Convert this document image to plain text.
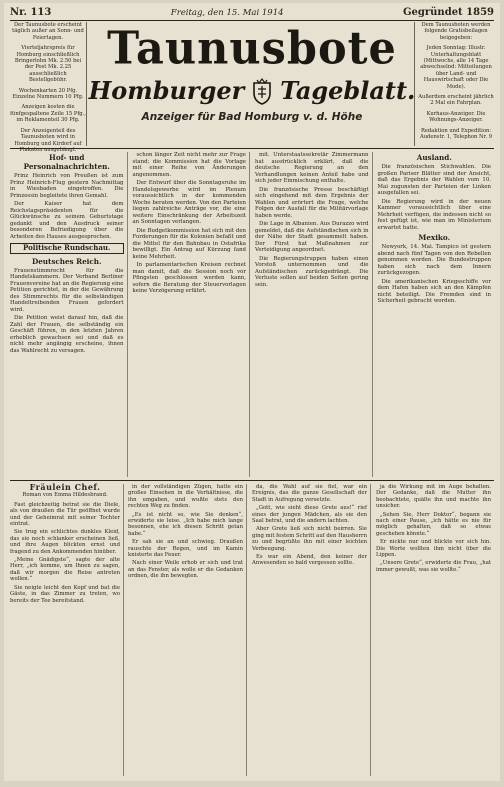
Nr. 113	Freitag, den 15. Mai 1914	Gegründet 1859

Der Taunusbote erscheint täglich außer an Sonn- und Feiertagen.

Vierteljahrspreis für Homburg einschließlich Bringerlohn Mk. 2.50 bei der Post Mk. 2.25 ausschließlich Bestellgebühr.

Wochenkarten 20 Pfg. Einzelne Nummern 10 Pfg.

Anzeigen kosten die fünfgespaltene Zeile 15 Pfg., im Reklamenteil 30 Pfg.

Der Anzeigenteil des Taunusboten wird in Homburg und Kirdorf auf Plakaten ausgehängt.

Taunusbote
Homburger Tageblatt.
Anzeiger für Bad Homburg v. d. Höhe

Dem Taunusboten werden folgende Gratisbeilagen beigegeben:

Jeden Sonntag: Illustr. Unterhaltungsblatt (Mittwochs, alle 14 Tage abwechselnd: Mitteilungen über Land- und Hauswirtschaft oder Die Mode).

Außerdem erscheint jährlich 2 Mal ein Fahrplan.

Kurhaus-Anzeiger. Die Wohnungs-Anzeiger.

Redaktion und Expedition: Audenstr. 1, Telephon Nr. 9

Hof- und Personalnachrichten.

Prinz Heinrich von Preußen ist zum Prinz Heinrich-Flug gestern Nachmittag in Wiesbaden eingetroffen. Die Prinzessin begleitete ihren Gemahl.

Der Kaiser hat dem Reichstagspräsidenten für die Glückwünsche zu seinem Geburtstage gedankt und den Ausdruck seiner besonderen Befriedigung über die Arbeiten des Hauses ausgesprochen.

Politische Rundschau.
Deutsches Reich.

Frauenstimmrecht für die Handelskammern. Der Verband Berliner Frauenvereine hat an die Regierung eine Petition gerichtet, in der die Gewährung des Stimmrechts für die selbständigen Handeltreibenden Frauen gefordert wird.

Die Petition weist darauf hin, daß die Zahl der Frauen, die selbständig ein Geschäft führen, in den letzten Jahren erheblich gewachsen sei und daß es nicht mehr angängig erscheine, ihnen das Wahlrecht zu versagen.

schon länger Zeit nicht mehr zur Frage stand; die Kommission hat die Vorlage mit einer Reihe von Änderungen angenommen.

Der Entwurf über die Sonntagsruhe im Handelsgewerbe wird im Plenum voraussichtlich in der kommenden Woche beraten werden. Von den Parteien liegen zahlreiche Anträge vor, die eine weitere Einschränkung der Arbeitszeit an Sonntagen verlangen.

Die Budgetkommission hat sich mit den Forderungen für die Kolonien befaßt und die Mittel für den Bahnbau in Ostafrika bewilligt. Ein Antrag auf Kürzung fand keine Mehrheit.

In parlamentarischen Kreisen rechnet man damit, daß die Session noch vor Pfingsten geschlossen werden kann, sofern die Beratung der Steuervorlagen keine Verzögerung erfährt.

mit. Unterstaatssekretär Zimmermann hat ausdrücklich erklärt, daß die deutsche Regierung an den Verhandlungen keinen Anteil habe und sich jeder Einmischung enthalte.

Die französische Presse beschäftigt sich eingehend mit dem Ergebnis der Wahlen und erörtert die Frage, welche Folgen der Ausfall für die Militärvorlage haben werde.

Die Lage in Albanien. Aus Durazzo wird gemeldet, daß die Aufständischen sich in der Nähe der Stadt gesammelt haben. Der Fürst hat Maßnahmen zur Verteidigung angeordnet.

Die Regierungstruppen haben einen Vorstoß unternommen und die Aufständischen zurückgedrängt. Die Verluste sollen auf beiden Seiten gering sein.

Ausland.

Die französischen Stichwahlen. Die großen Pariser Blätter sind der Ansicht, daß das Ergebnis der Wahlen vom 10. Mai zugunsten der Parteien der Linken ausgefallen sei.

Die Regierung wird in der neuen Kammer voraussichtlich über eine Mehrheit verfügen, die indessen nicht so fest gefügt ist, wie man im Ministerium erwartet hatte.

Mexiko.

Newyork, 14. Mai. Tampico ist gestern abend nach fünf Tagen von den Rebellen genommen worden. Die Bundestruppen haben sich nach dem Innern zurückgezogen.

Die amerikanischen Kriegsschiffe vor dem Hafen haben sich an den Kämpfen nicht beteiligt. Die Fremden sind in Sicherheit gebracht worden.

Fräulein Chef.
Roman von Emma Hildesbrand.

Fast gleichzeitig betrat sie die Diele, als von draußen die Tür geöffnet wurde und der Geheimrat mit seiner Tochter eintrat.

Sie trug ein schlichtes dunkles Kleid, das sie noch schlanker erscheinen ließ, und ihre Augen blickten ernst und fragend zu den Ankommenden hinüber.

„Meine Gnädigste“, sagte der alte Herr, „ich komme, um Ihnen zu sagen, daß wir morgen die Reise antreten wollen.“

Sie neigte leicht den Kopf und bat die Gäste, in das Zimmer zu treten, wo bereits der Tee bereitstand.

in der vollständigen Zügen, hatte ein großes Einsehen in die Verhältnisse, die ihn umgaben, und wußte stets den rechten Weg zu finden.

„Es ist nicht so, wie Sie denken“, erwiderte sie leise. „Ich habe mich lange besonnen, ehe ich diesen Schritt getan habe.“

Er sah sie an und schwieg. Draußen rauschte der Regen, und im Kamin knisterte das Feuer.

Nach einer Weile erhob er sich und trat an das Fenster, als wolle er die Gedanken ordnen, die ihn bewegten.

da, die Wahl auf sie fiel, war ein Ereignis, das die ganze Gesellschaft der Stadt in Aufregung versetzte.

„Gott, wie sieht diese Grete aus!“ rief eines der jungen Mädchen, als sie den Saal betrat, und die andern lachten.

Aber Grete ließ sich nicht beirren. Sie ging mit festem Schritt auf den Hausherrn zu und begrüßte ihn mit einer leichten Verbeugung.

Es war ein Abend, den keiner der Anwesenden so bald vergessen sollte.

ja die Wirkung mit im Auge behalten. Der Gedanke, daß die Mutter ihn beobachtete, quälte ihn und machte ihn unsicher.

„Sehen Sie, Herr Doktor“, begann sie nach einer Pause, „ich hätte es nie für möglich gehalten, daß so etwas geschehen könnte.“

Er nickte nur und blickte vor sich hin. Die Worte wollten ihm nicht über die Lippen.

„Unsere Grete“, erwiderte die Frau, „hat immer gewußt, was sie wollte.“
